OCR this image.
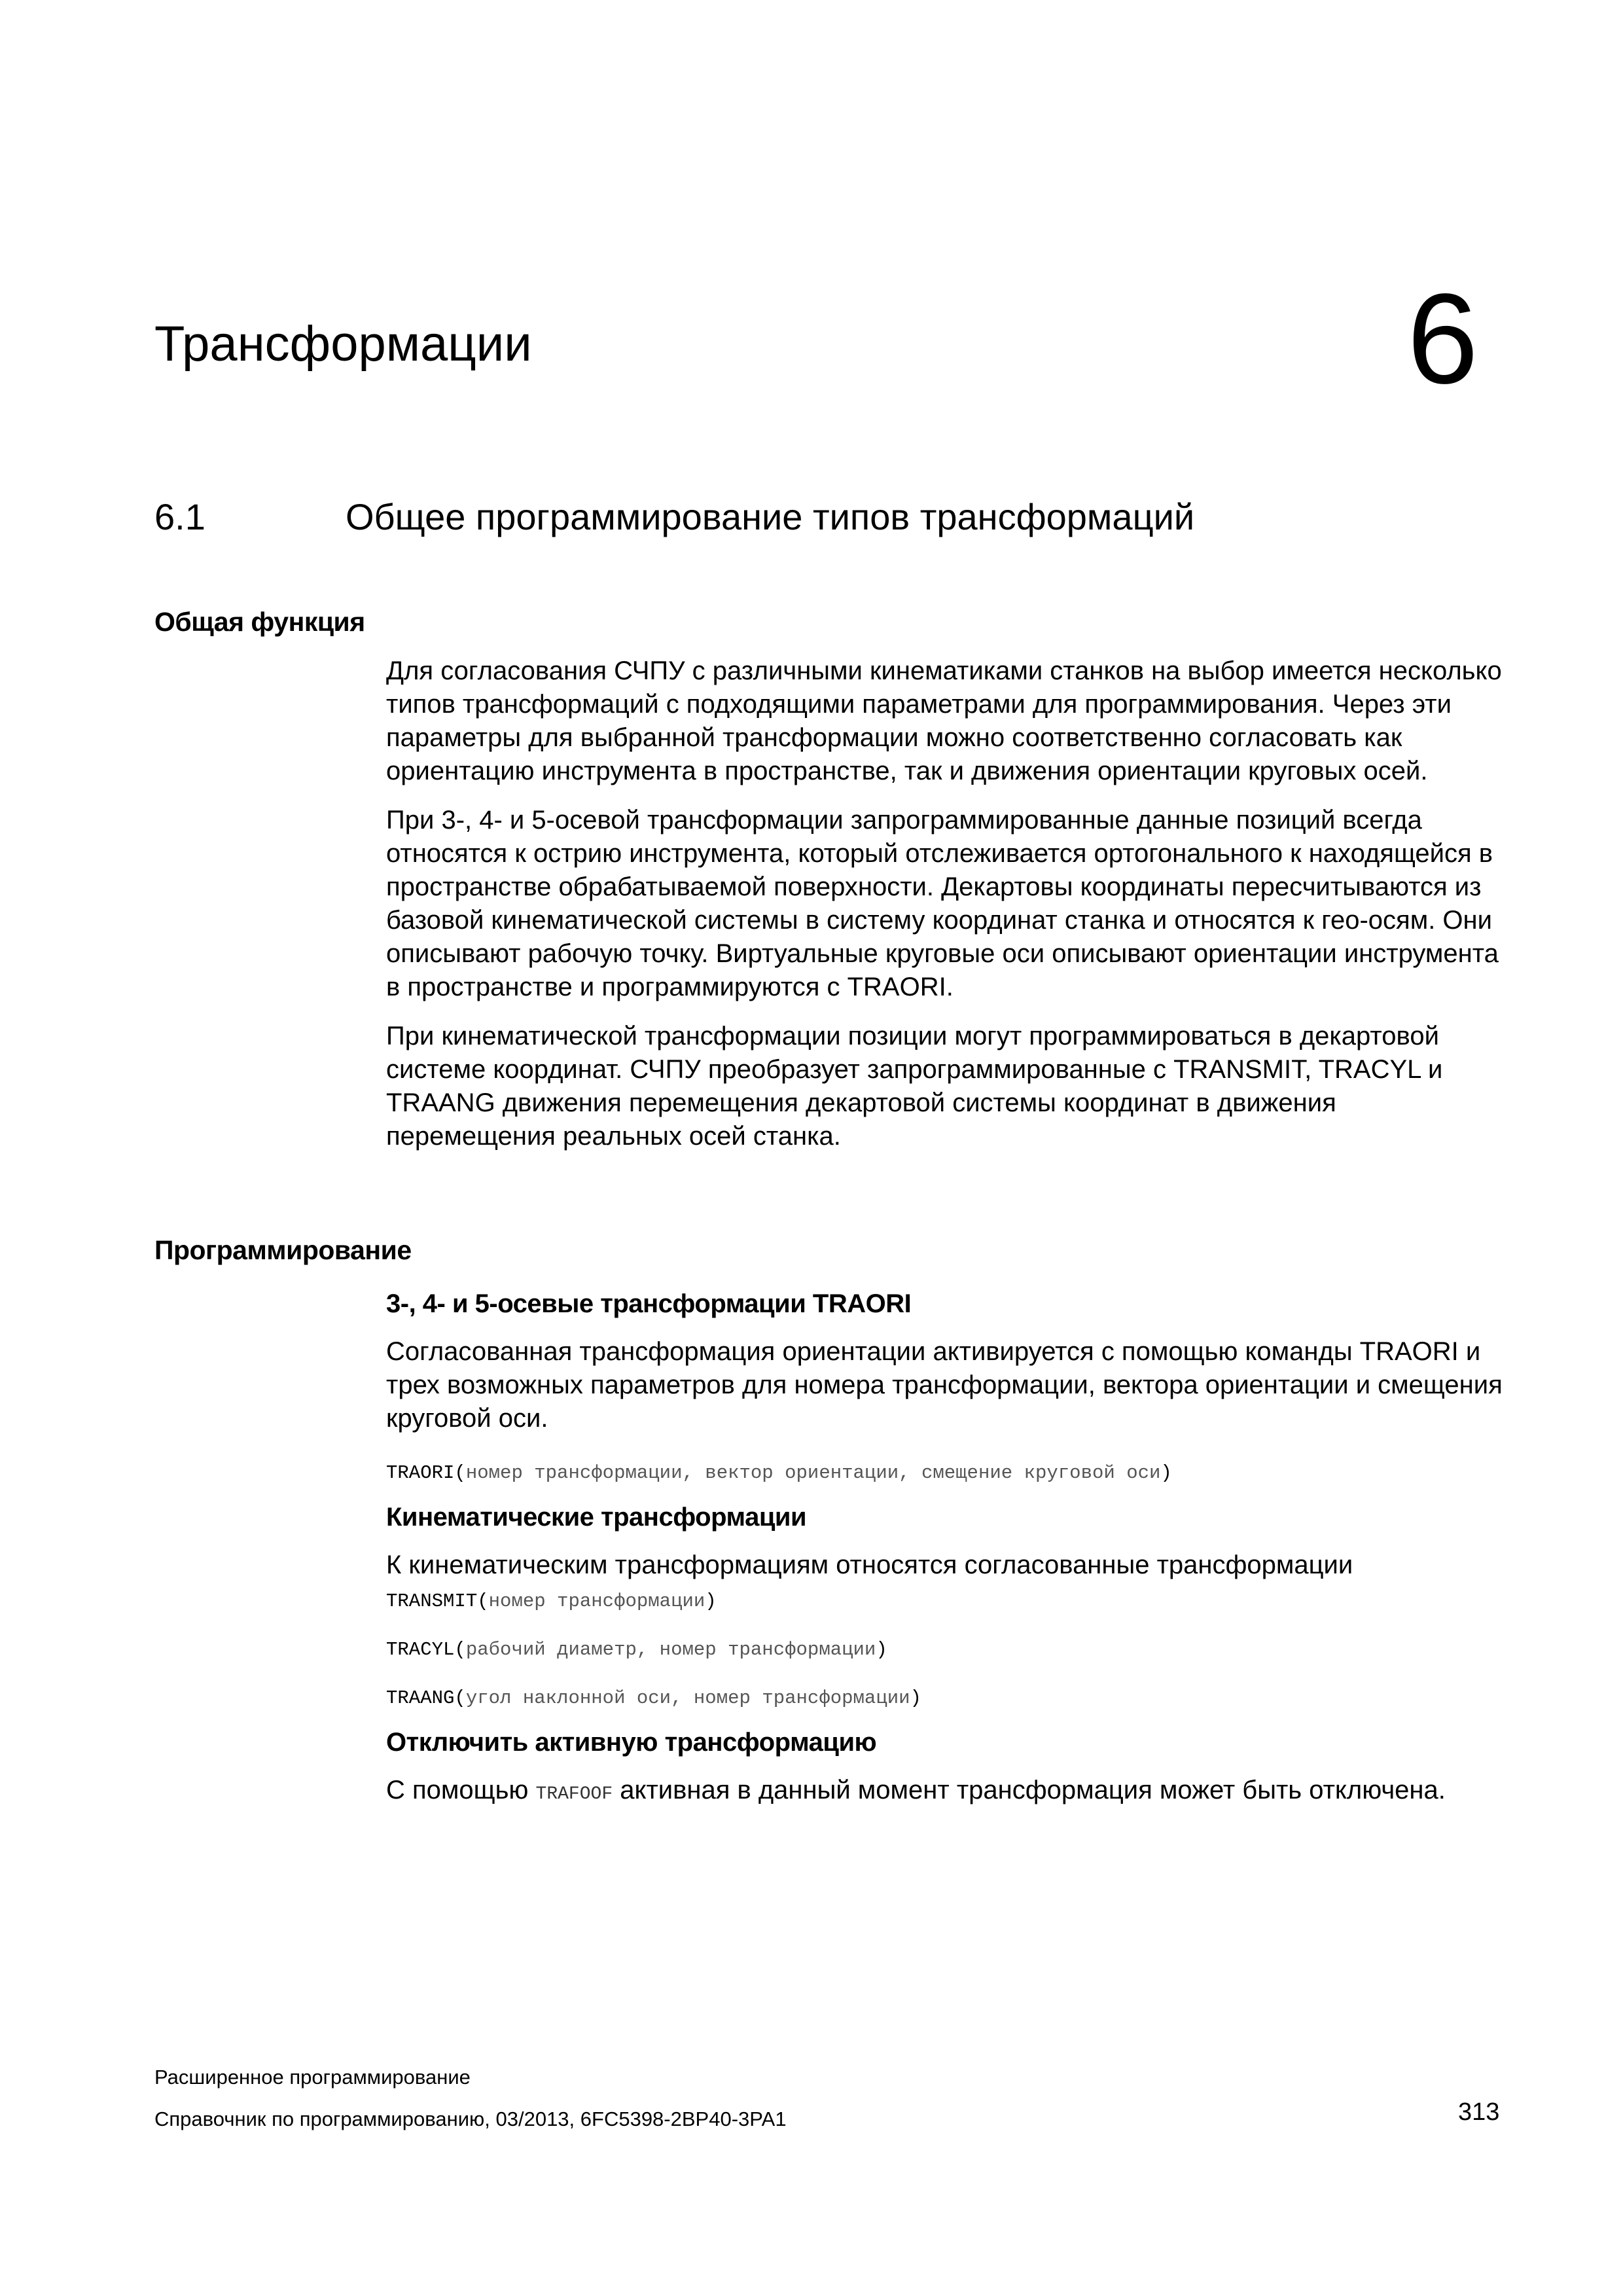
Трансформации	6
6.1	Общее программирование типов трансформаций
Общая функция

Для согласования СЧПУ с различными кинематиками станков на выбор имеется несколько типов трансформаций с подходящими параметрами для программирования. Через эти параметры для выбранной трансформации можно соответственно согласовать как ориентацию инструмента в пространстве, так и движения ориентации круговых осей.

При 3-, 4- и 5-осевой трансформации запрограммированные данные позиций всегда относятся к острию инструмента, который отслеживается ортогонального к находящейся в пространстве обрабатываемой поверхности. Декартовы координаты пересчитываются из базовой кинематической системы в систему координат станка и относятся к гео-осям. Они описывают рабочую точку. Виртуальные круговые оси описывают ориентации инструмента в пространстве и программируются с TRAORI.

При кинематической трансформации позиции могут программироваться в декартовой системе координат. СЧПУ преобразует запрограммированные с TRANSMIT, TRACYL и TRAANG движения перемещения декартовой системы координат в движения перемещения реальных осей станка.

Программирование
3-, 4- и 5-осевые трансформации TRAORI

Согласованная трансформация ориентации активируется с помощью команды TRAORI и трех возможных параметров для номера трансформации, вектора ориентации и смещения круговой оси.

TRAORI(номер трансформации, вектор ориентации, смещение круговой оси)
Кинематические трансформации

К кинематическим трансформациям относятся согласованные трансформации

TRANSMIT(номер трансформации)
TRACYL(рабочий диаметр, номер трансформации)
TRAANG(угол наклонной оси, номер трансформации)
Отключить активную трансформацию

С помощью TRAFOOF активная в данный момент трансформация может быть отключена.

Расширенное программирование
Справочник по программированию, 03/2013, 6FC5398-2BP40-3PA1	313
